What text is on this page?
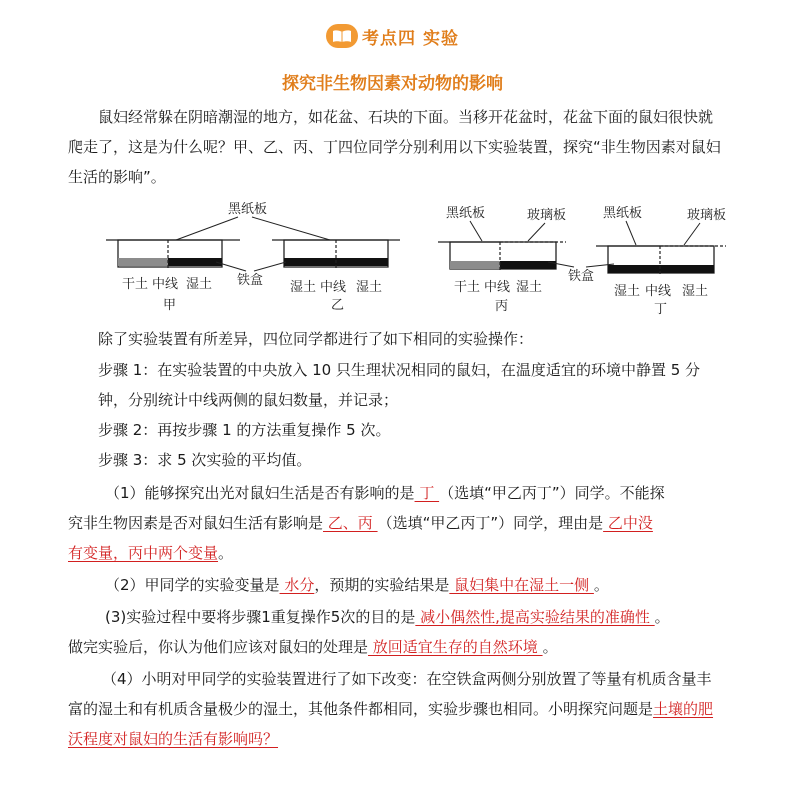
考点四 实验
探究非生物因素对动物的影响
鼠妇经常躲在阴暗潮湿的地方，如花盆、石块的下面。当移开花盆时，花盆下面的鼠妇很快就爬走了，这是为什么呢？甲、乙、丙、丁四位同学分别利用以下实验装置，探究“非生物因素对鼠妇生活的影响”。
黑纸板
干土 中线 湿土
甲
湿土 中线 湿土
乙
铁盒
黑纸板	玻璃板	黑纸板	玻璃板
干土 中线 湿土
丙
湿土 中线 湿土
丁
铁盒
除了实验装置有所差异，四位同学都进行了如下相同的实验操作：
步骤 1：在实验装置的中央放入 10 只生理状况相同的鼠妇，在温度适宜的环境中静置 5 分钟，分别统计中线两侧的鼠妇数量，并记录；
步骤 2：再按步骤 1 的方法重复操作 5 次。
步骤 3：求 5 次实验的平均值。
（1）能够探究出光对鼠妇生活是否有影响的是 丁 （选填“甲乙丙丁”）同学。不能探
究非生物因素是否对鼠妇生活有影响是 乙、丙 （选填“甲乙丙丁”）同学，理由是 乙中没
有变量，丙中两个变量。
（2）甲同学的实验变量是 水分，预期的实验结果是 鼠妇集中在湿土一侧 。
(3)实验过程中要将步骤1重复操作5次的目的是 减小偶然性,提高实验结果的准确性 。
做完实验后，你认为他们应该对鼠妇的处理是 放回适宜生存的自然环境 。
（4）小明对甲同学的实验装置进行了如下改变：在空铁盒两侧分别放置了等量有机质含量丰富的湿土和有机质含量极少的湿土，其他条件都相同，实验步骤也相同。小明探究问题是土壤的肥沃程度对鼠妇的生活有影响吗？
